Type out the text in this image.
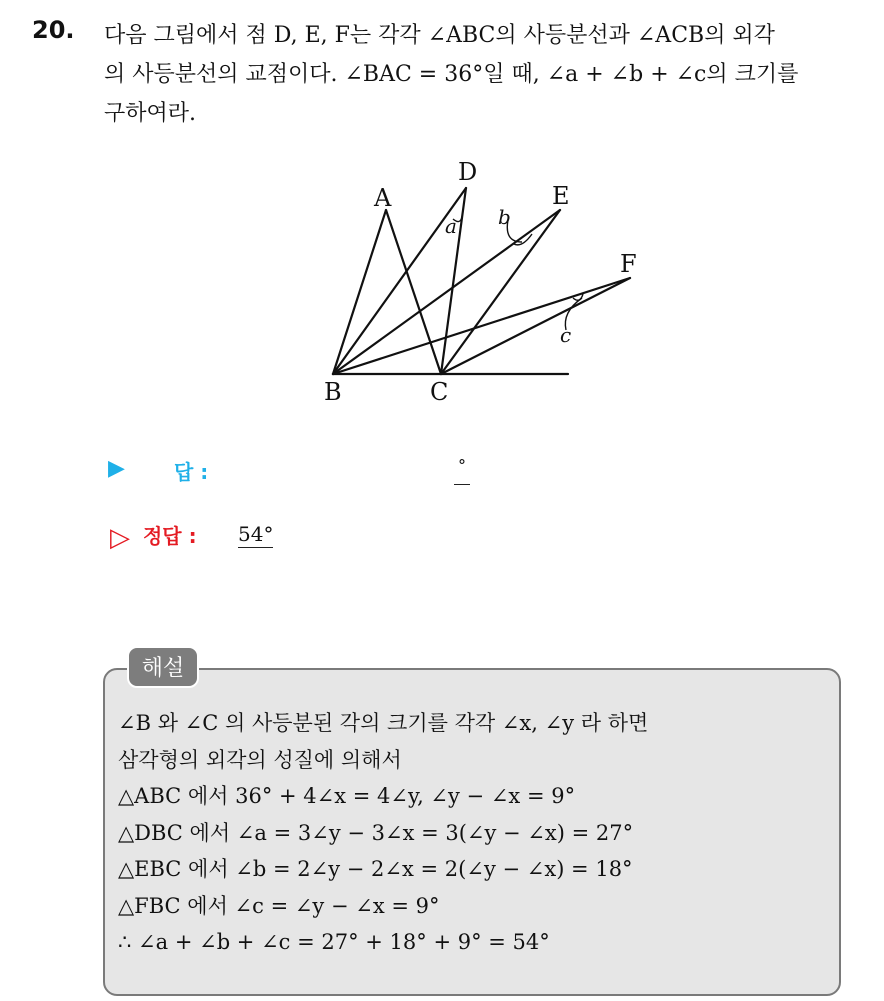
20. 다음 그림에서 점 D, E, F는 각각 ∠ABC의 사등분선과 ∠ACB의 외각
의 사등분선의 교점이다. ∠BAC = 36°일 때, ∠a + ∠b + ∠c의 크기를
구하여라.
A
D
E
F
B	C
a b
c
▶ 답 :	°
▷ 정답 : 54°
해설
∠B 와 ∠C 의 사등분된 각의 크기를 각각 ∠x, ∠y 라 하면
삼각형의 외각의 성질에 의해서
△ABC 에서 36° + 4∠x = 4∠y, ∠y − ∠x = 9°
△DBC 에서 ∠a = 3∠y − 3∠x = 3(∠y − ∠x) = 27°
△EBC 에서 ∠b = 2∠y − 2∠x = 2(∠y − ∠x) = 18°
△FBC 에서 ∠c = ∠y − ∠x = 9°
∴ ∠a + ∠b + ∠c = 27° + 18° + 9° = 54°
